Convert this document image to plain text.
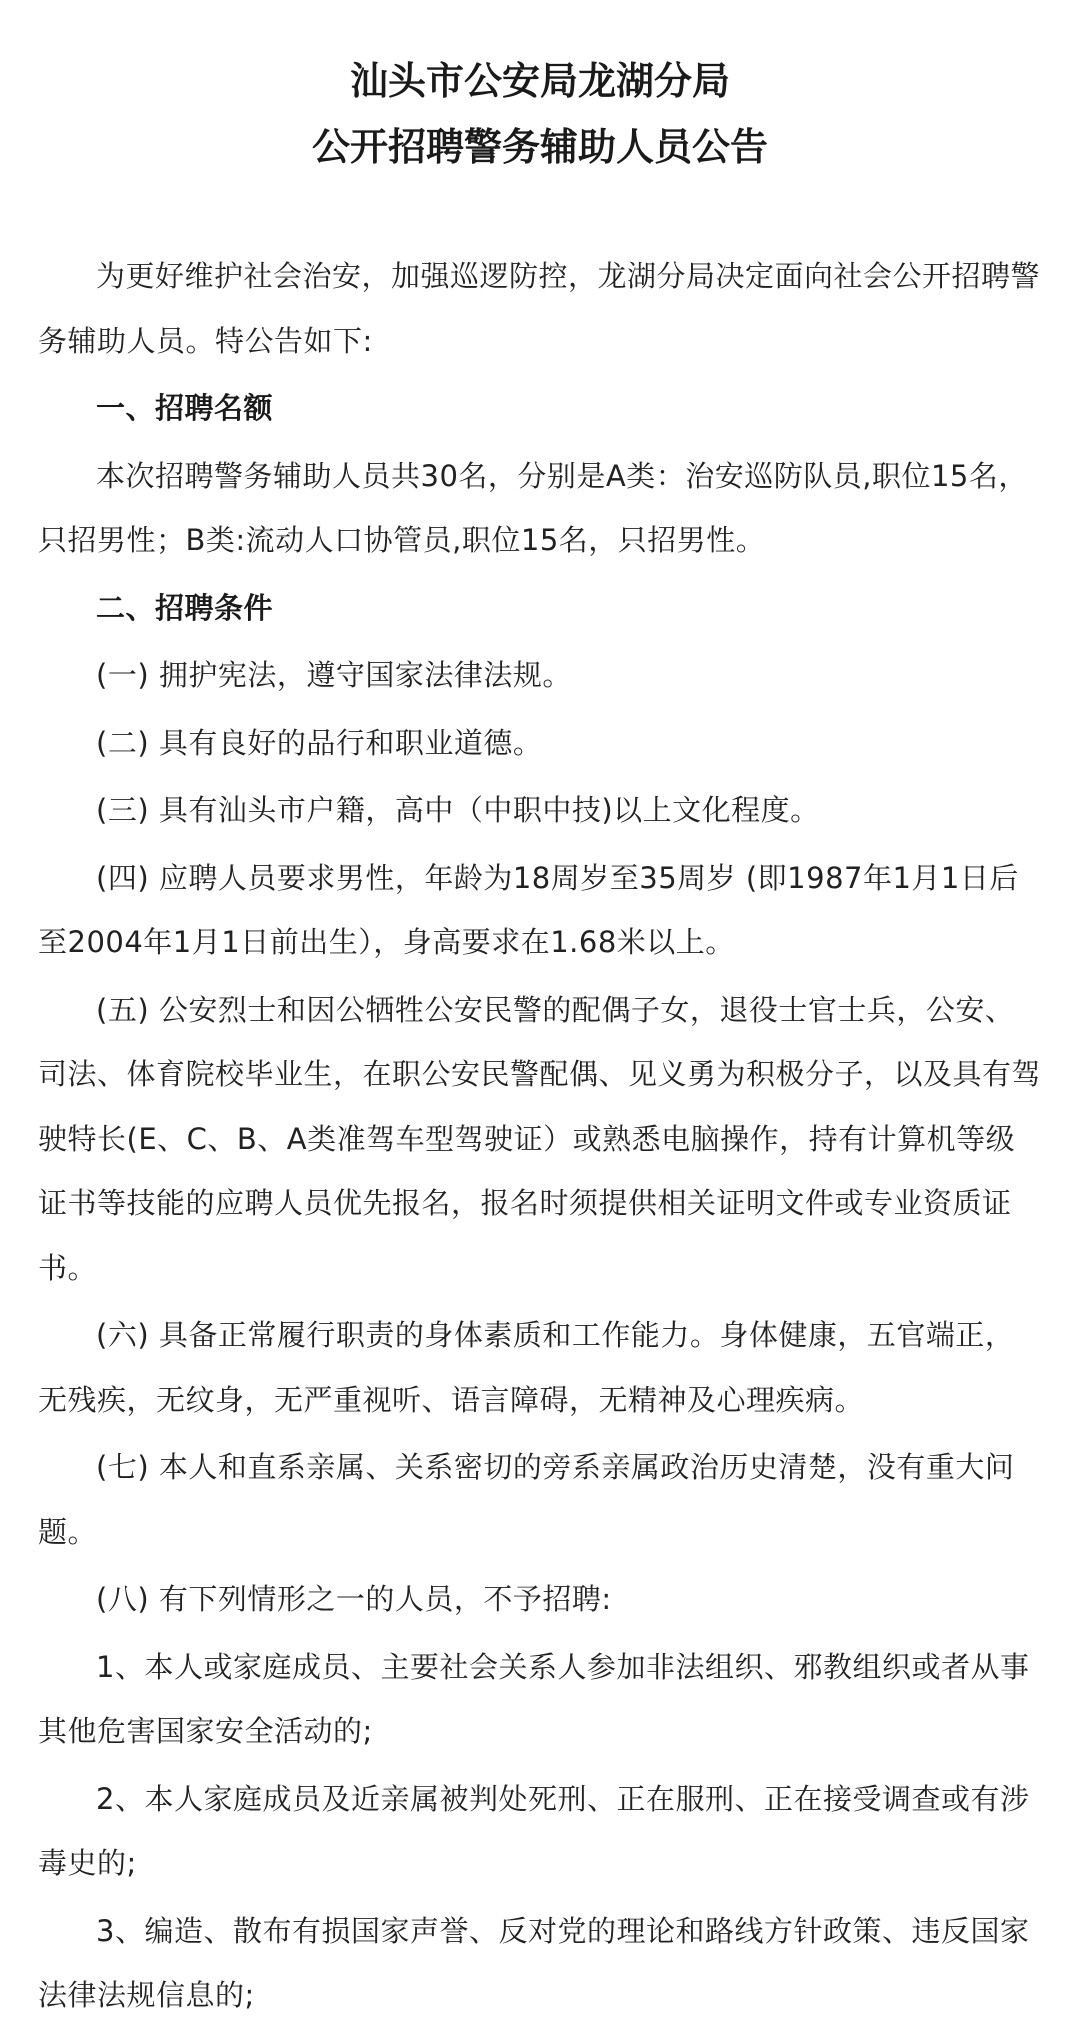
汕头市公安局龙湖分局
公开招聘警务辅助人员公告

为更好维护社会治安，加强巡逻防控，龙湖分局决定面向社会公开招聘警务辅助人员。特公告如下:

一、招聘名额

本次招聘警务辅助人员共30名，分别是A类：治安巡防队员,职位15名，只招男性；B类:流动人口协管员,职位15名，只招男性。

二、招聘条件

(一) 拥护宪法，遵守国家法律法规。

(二) 具有良好的品行和职业道德。

(三) 具有汕头市户籍，高中（中职中技)以上文化程度。

(四) 应聘人员要求男性，年龄为18周岁至35周岁 (即1987年1月1日后至2004年1月1日前出生），身高要求在1.68米以上。

(五) 公安烈士和因公牺牲公安民警的配偶子女，退役士官士兵，公安、司法、体育院校毕业生，在职公安民警配偶、见义勇为积极分子，以及具有驾驶特长(E、C、B、A类准驾车型驾驶证）或熟悉电脑操作，持有计算机等级证书等技能的应聘人员优先报名，报名时须提供相关证明文件或专业资质证书。

(六) 具备正常履行职责的身体素质和工作能力。身体健康，五官端正，无残疾，无纹身，无严重视听、语言障碍，无精神及心理疾病。

(七) 本人和直系亲属、关系密切的旁系亲属政治历史清楚，没有重大问题。

(八) 有下列情形之一的人员，不予招聘:

1、本人或家庭成员、主要社会关系人参加非法组织、邪教组织或者从事其他危害国家安全活动的;

2、本人家庭成员及近亲属被判处死刑、正在服刑、正在接受调查或有涉毒史的;

3、编造、散布有损国家声誉、反对党的理论和路线方针政策、违反国家法律法规信息的;
